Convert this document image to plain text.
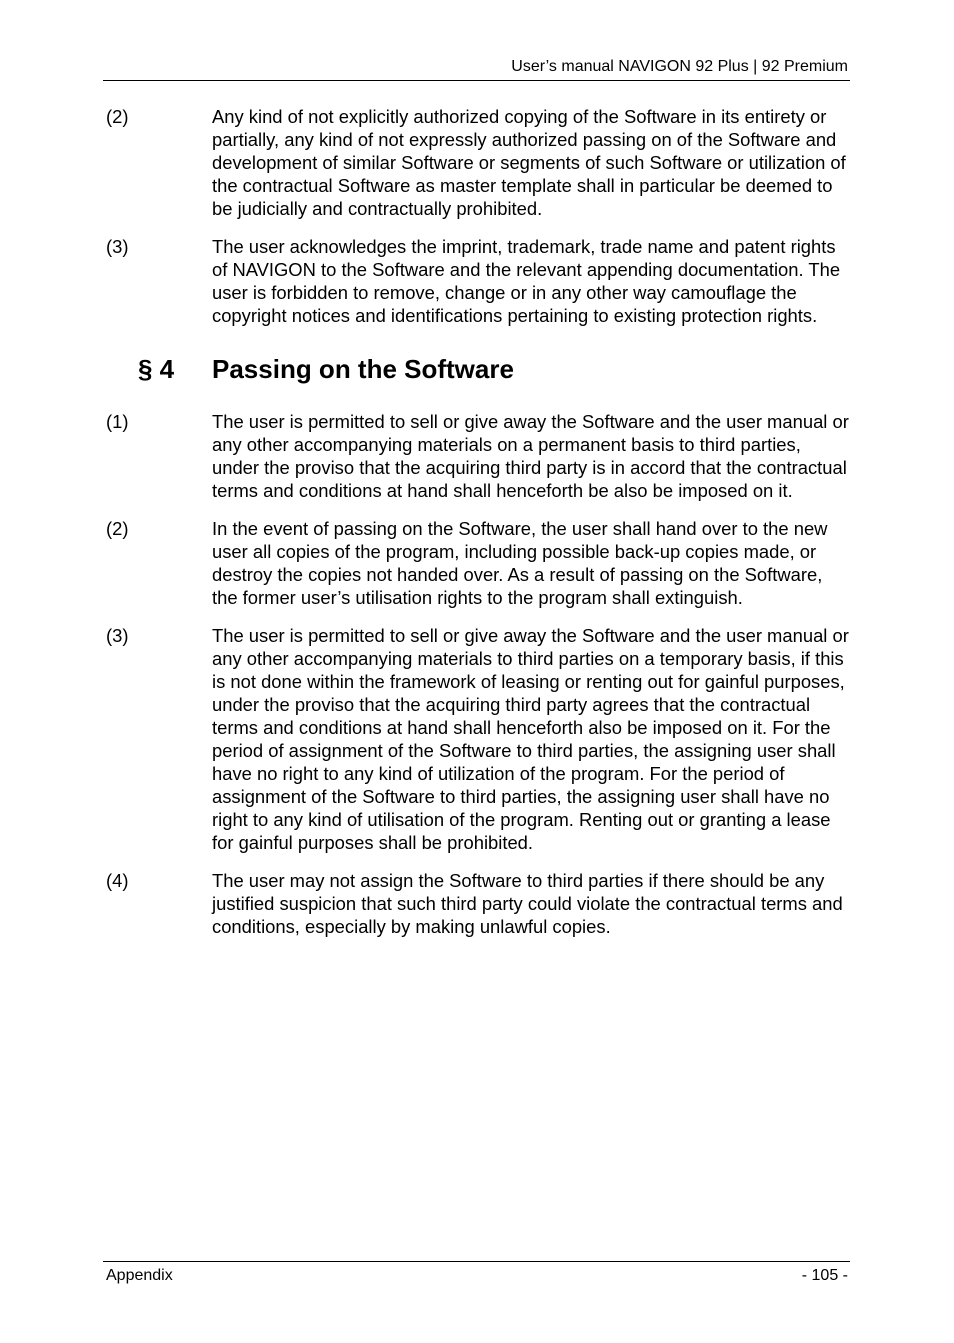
User’s manual NAVIGON 92 Plus | 92 Premium
(2)	Any kind of not explicitly authorized copying of the Software in its entirety or partially, any kind of not expressly authorized passing on of the Software and development of similar Software or segments of such Software or utilization of the contractual Software as master template shall in particular be deemed to be judicially and contractually prohibited.
(3)	The user acknowledges the imprint, trademark, trade name and patent rights of NAVIGON to the Software and the relevant appending documentation. The user is forbidden to remove, change or in any other way camouflage the copyright notices and identifications pertaining to existing protection rights.
§ 4 Passing on the Software
(1)	The user is permitted to sell or give away the Software and the user manual or any other accompanying materials on a permanent basis to third parties, under the proviso that the acquiring third party is in accord that the contractual terms and conditions at hand shall henceforth be also be imposed on it.
(2)	In the event of passing on the Software, the user shall hand over to the new user all copies of the program, including possible back-up copies made, or destroy the copies not handed over. As a result of passing on the Software, the former user’s utilisation rights to the program shall extinguish.
(3)	The user is permitted to sell or give away the Software and the user manual or any other accompanying materials to third parties on a temporary basis, if this is not done within the framework of leasing or renting out for gainful purposes, under the proviso that the acquiring third party agrees that the contractual terms and conditions at hand shall henceforth also be imposed on it. For the period of assignment of the Software to third parties, the assigning user shall have no right to any kind of utilization of the program. For the period of assignment of the Software to third parties, the assigning user shall have no right to any kind of utilisation of the program. Renting out or granting a lease for gainful purposes shall be prohibited.
(4)	The user may not assign the Software to third parties if there should be any justified suspicion that such third party could violate the contractual terms and conditions, especially by making unlawful copies.
Appendix	- 105 -
